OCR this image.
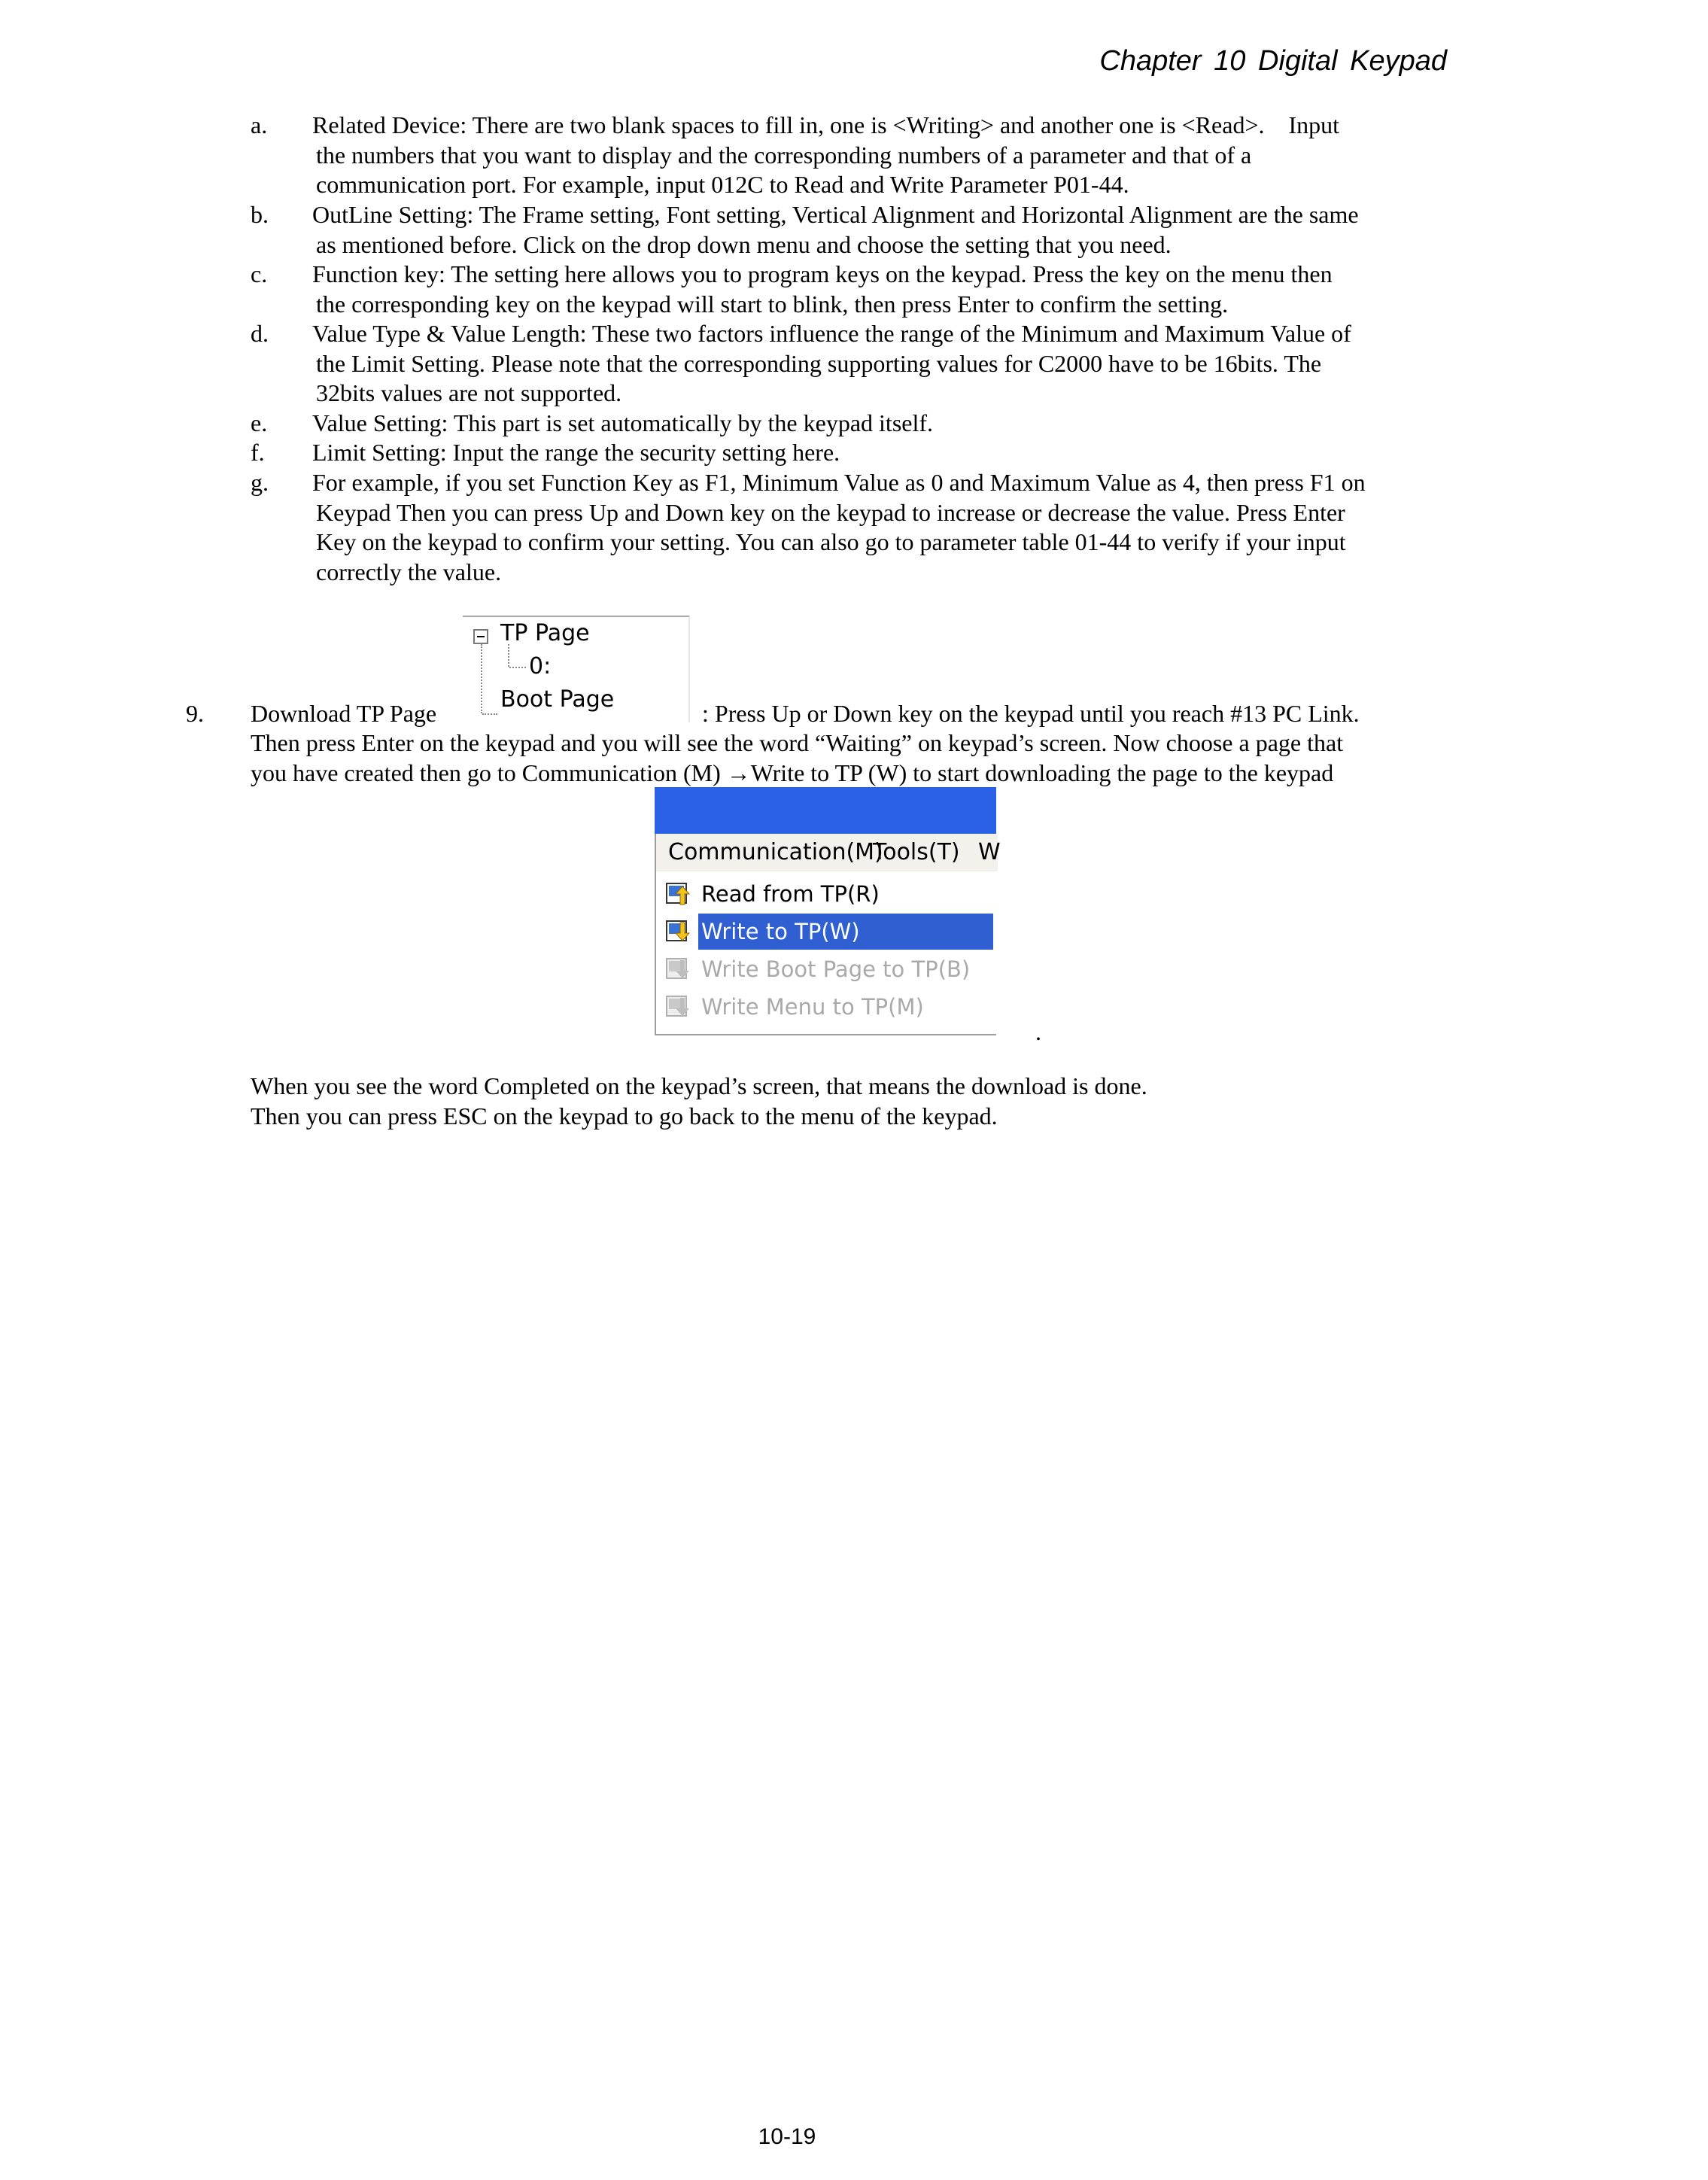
Chapter 10 Digital Keypad
a. Related Device: There are two blank spaces to fill in, one is <Writing> and another one is <Read>.    Input
the numbers that you want to display and the corresponding numbers of a parameter and that of a
communication port. For example, input 012C to Read and Write Parameter P01-44.
b. OutLine Setting: The Frame setting, Font setting, Vertical Alignment and Horizontal Alignment are the same
as mentioned before. Click on the drop down menu and choose the setting that you need.
c. Function key: The setting here allows you to program keys on the keypad. Press the key on the menu then
the corresponding key on the keypad will start to blink, then press Enter to confirm the setting.
d. Value Type & Value Length: These two factors influence the range of the Minimum and Maximum Value of
the Limit Setting. Please note that the corresponding supporting values for C2000 have to be 16bits. The
32bits values are not supported.
e. Value Setting: This part is set automatically by the keypad itself.
f. Limit Setting: Input the range the security setting here.
g. For example, if you set Function Key as F1, Minimum Value as 0 and Maximum Value as 4, then press F1 on
Keypad Then you can press Up and Down key on the keypad to increase or decrease the value. Press Enter
Key on the keypad to confirm your setting. You can also go to parameter table 01-44 to verify if your input
correctly the value.
TP Page
0:
Boot Page
9. Download TP Page	: Press Up or Down key on the keypad until you reach #13 PC Link.
Then press Enter on the keypad and you will see the word “Waiting” on keypad’s screen. Now choose a page that
you have created then go to Communication (M) →Write to TP (W) to start downloading the page to the keypad
Communication(M)
Tools(T) W
Read from TP(R)
Write to TP(W)
Write Boot Page to TP(B)
Write Menu to TP(M)
.
When you see the word Completed on the keypad’s screen, that means the download is done.
Then you can press ESC on the keypad to go back to the menu of the keypad.
10-19
